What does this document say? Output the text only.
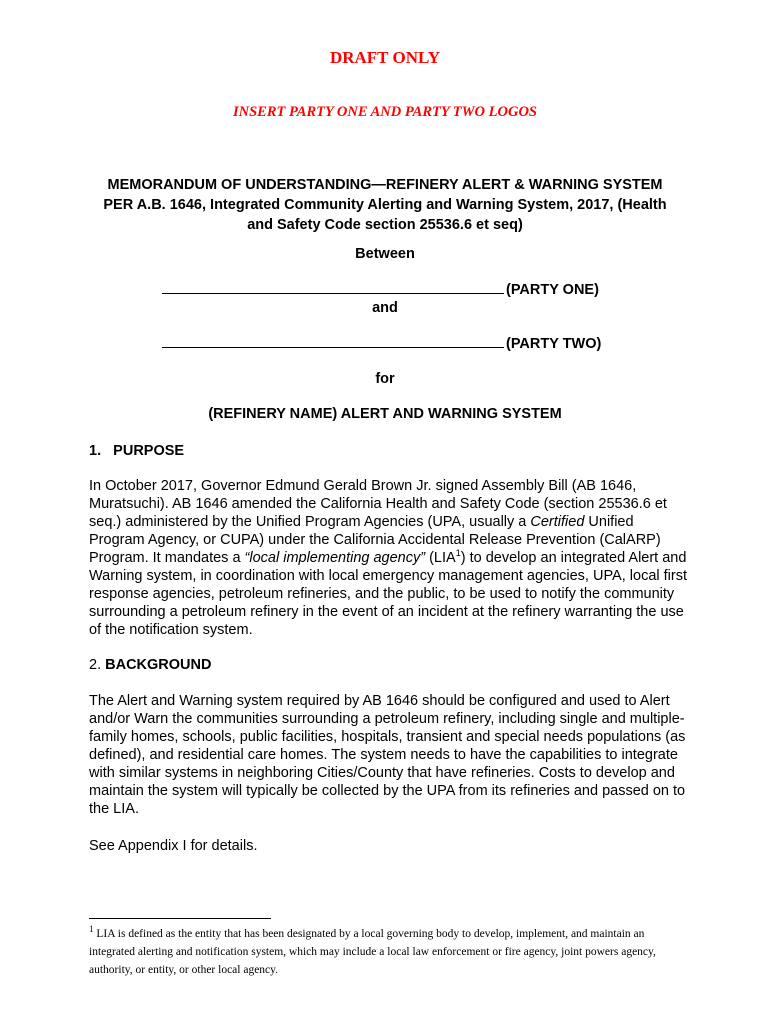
DRAFT ONLY
INSERT PARTY ONE AND PARTY TWO LOGOS
MEMORANDUM OF UNDERSTANDING—REFINERY ALERT & WARNING SYSTEM
PER A.B. 1646, Integrated Community Alerting and Warning System, 2017, (Health
and Safety Code section 25536.6 et seq)
Between
(PARTY ONE)
and
(PARTY TWO)
for
(REFINERY NAME) ALERT AND WARNING SYSTEM
1.   PURPOSE
In October 2017, Governor Edmund Gerald Brown Jr. signed Assembly Bill (AB 1646, Muratsuchi). AB 1646 amended the California Health and Safety Code (section 25536.6 et seq.) administered by the Unified Program Agencies (UPA, usually a Certified Unified Program Agency, or CUPA) under the California Accidental Release Prevention (CalARP) Program. It mandates a “local implementing agency” (LIA$^1$) to develop an integrated Alert and Warning system, in coordination with local emergency management agencies, UPA, local first response agencies, petroleum refineries, and the public, to be used to notify the community surrounding a petroleum refinery in the event of an incident at the refinery warranting the use of the notification system.
2. BACKGROUND
The Alert and Warning system required by AB 1646 should be configured and used to Alert and/or Warn the communities surrounding a petroleum refinery, including single and multiple-family homes, schools, public facilities, hospitals, transient and special needs populations (as defined), and residential care homes. The system needs to have the capabilities to integrate with similar systems in neighboring Cities/County that have refineries. Costs to develop and maintain the system will typically be collected by the UPA from its refineries and passed on to the LIA.
See Appendix I for details.
$^1$ LIA is defined as the entity that has been designated by a local governing body to develop, implement, and maintain an integrated alerting and notification system, which may include a local law enforcement or fire agency, joint powers agency, authority, or entity, or other local agency.
